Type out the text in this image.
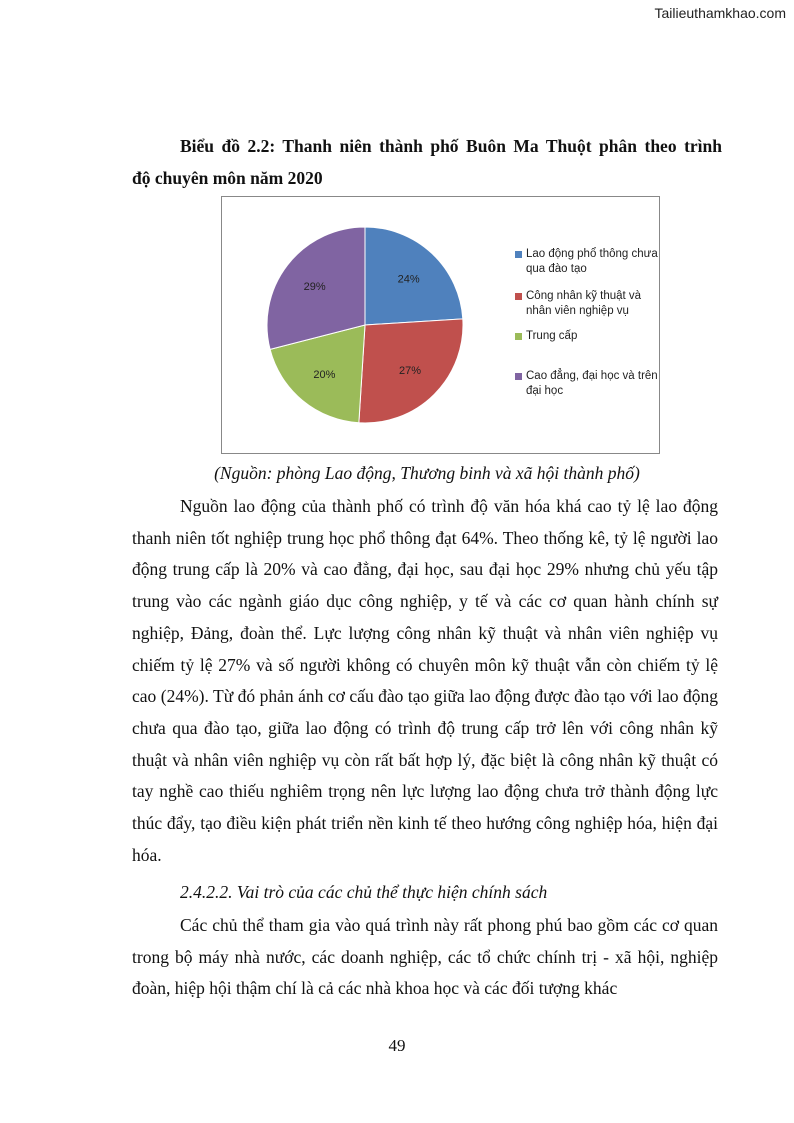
Tailieuthamkhao.com
Biểu đồ 2.2: Thanh niên thành phố Buôn Ma Thuột phân theo trình
độ chuyên môn năm 2020
24%
27%
20%
29%
Lao động phổ thông chưa qua đào tạo
Công nhân kỹ thuật và nhân viên nghiệp vụ
Trung cấp
Cao đẳng, đại học và trên đại học
(Nguồn: phòng Lao động, Thương binh và xã hội thành phố)

Nguồn lao động của thành phố có trình độ văn hóa khá cao tỷ lệ lao động thanh niên tốt nghiệp trung học phổ thông đạt 64%. Theo thống kê, tỷ lệ người lao động trung cấp là 20% và cao đẳng, đại học, sau đại học 29% nhưng chủ yếu tập trung vào các ngành giáo dục công nghiệp, y tế và các cơ quan hành chính sự nghiệp, Đảng, đoàn thể. Lực lượng công nhân kỹ thuật và nhân viên nghiệp vụ chiếm tỷ lệ 27% và số người không có chuyên môn kỹ thuật vẫn còn chiếm tỷ lệ cao (24%). Từ đó phản ánh cơ cấu đào tạo giữa lao động được đào tạo với lao động chưa qua đào tạo, giữa lao động có trình độ trung cấp trở lên với công nhân kỹ thuật và nhân viên nghiệp vụ còn rất bất hợp lý, đặc biệt là công nhân kỹ thuật có tay nghề cao thiếu nghiêm trọng nên lực lượng lao động chưa trở thành động lực thúc đẩy, tạo điều kiện phát triển nền kinh tế theo hướng công nghiệp hóa, hiện đại hóa.

2.4.2.2. Vai trò của các chủ thể thực hiện chính sách

Các chủ thể tham gia vào quá trình này rất phong phú bao gồm các cơ quan trong bộ máy nhà nước, các doanh nghiệp, các tổ chức chính trị - xã hội, nghiệp đoàn, hiệp hội thậm chí là cả các nhà khoa học và các đối tượng khác

49
